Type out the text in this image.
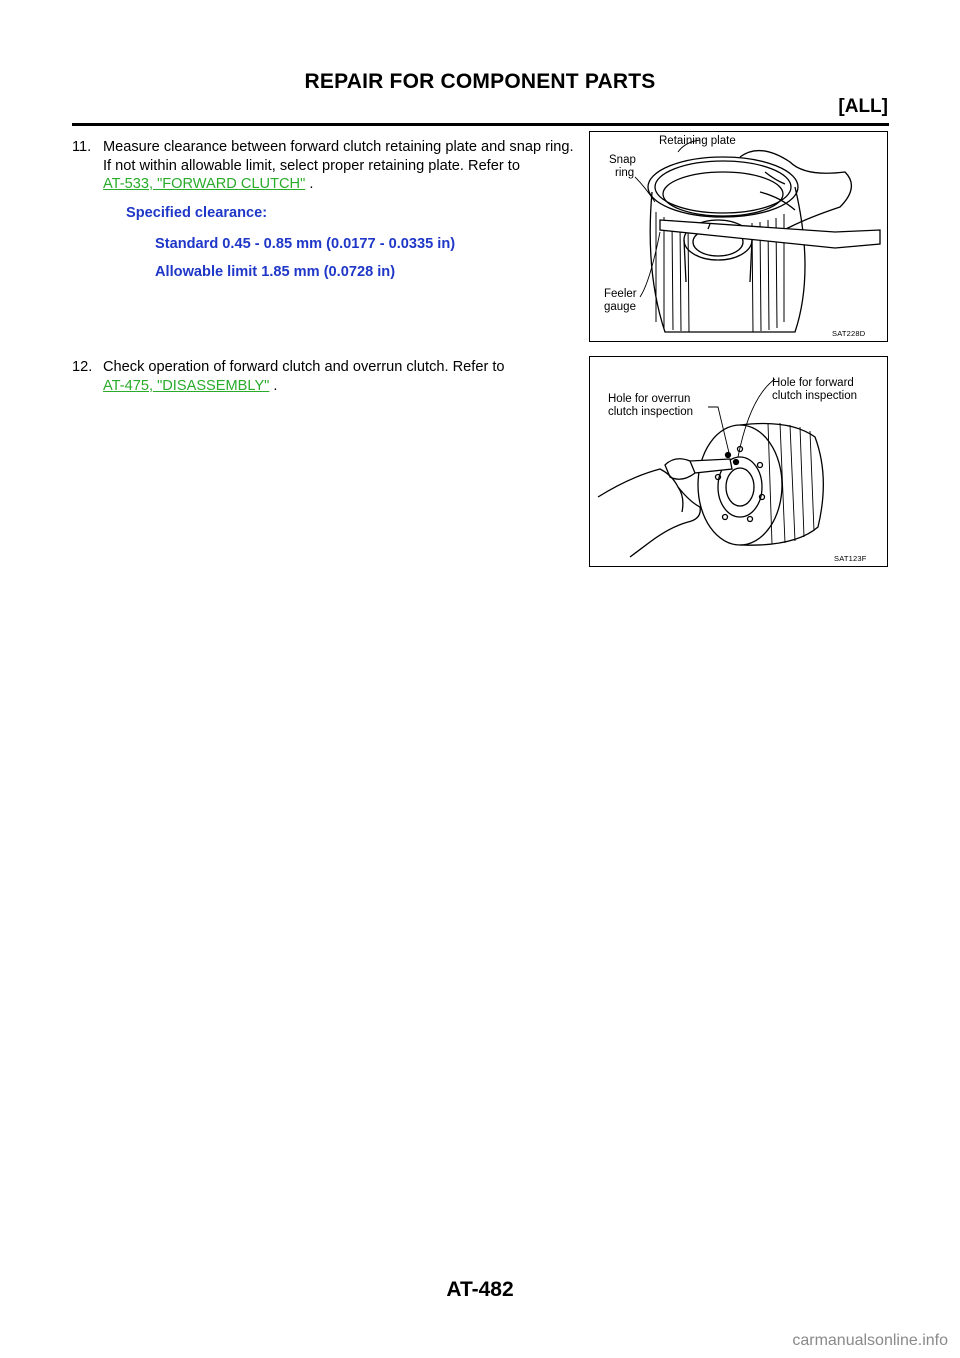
REPAIR FOR COMPONENT PARTS
[ALL]
11. Measure clearance between forward clutch retaining plate and snap ring.
If not within allowable limit, select proper retaining plate. Refer to
AT-533, "FORWARD CLUTCH" .
Specified clearance:
Standard 0.45 - 0.85 mm (0.0177 - 0.0335 in)
Allowable limit 1.85 mm (0.0728 in)
12. Check operation of forward clutch and overrun clutch. Refer to
AT-475, "DISASSEMBLY" .
Retaining plate
Snap
ring
Feeler
gauge
SAT228D
Hole for overrun
clutch inspection
Hole for forward
clutch inspection
SAT123F
AT-482
carmanualsonline.info
